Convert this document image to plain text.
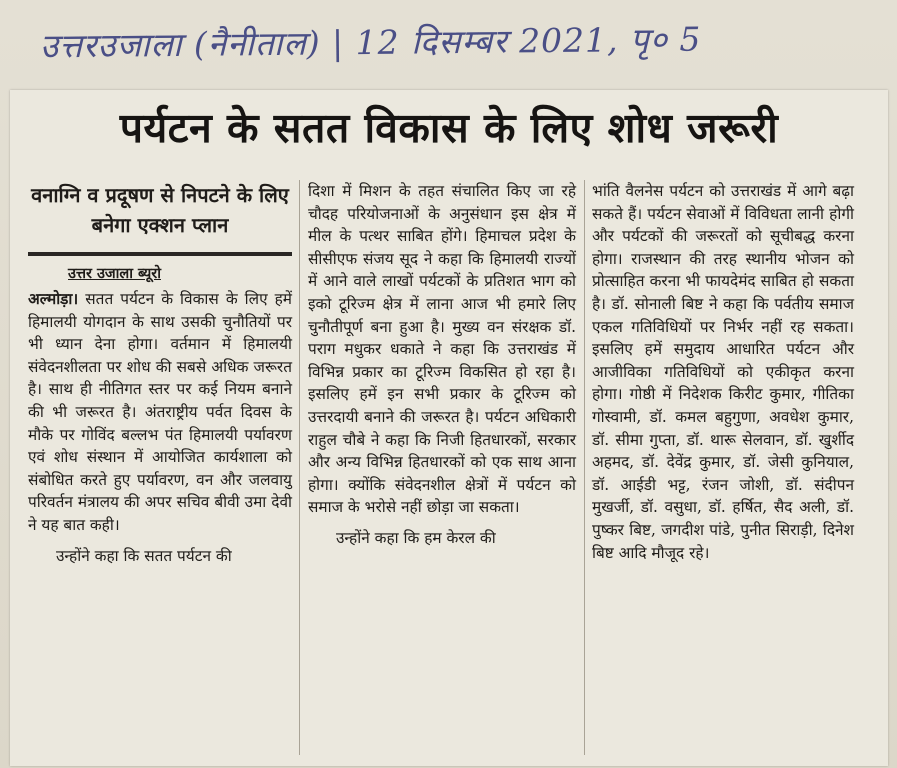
उत्तरउजाला (नैनीताल) | 12 दिसम्बर 2021, पृ० 5
पर्यटन के सतत विकास के लिए शोध जरूरी
वनाग्नि व प्रदूषण से निपटने के लिए बनेगा एक्शन प्लान
उत्तर उजाला ब्यूरो

अल्मोड़ा। सतत पर्यटन के विकास के लिए हमें हिमालयी योगदान के साथ उसकी चुनौतियों पर भी ध्यान देना होगा। वर्तमान में हिमालयी संवेदनशीलता पर शोध की सबसे अधिक जरूरत है। साथ ही नीतिगत स्तर पर कई नियम बनाने की भी जरूरत है। अंतराष्ट्रीय पर्वत दिवस के मौके पर गोविंद बल्लभ पंत हिमालयी पर्यावरण एवं शोध संस्थान में आयोजित कार्यशाला को संबोधित करते हुए पर्यावरण, वन और जलवायु परिवर्तन मंत्रालय की अपर सचिव बीवी उमा देवी ने यह बात कही।

उन्होंने कहा कि सतत पर्यटन की

दिशा में मिशन के तहत संचालित किए जा रहे चौदह परियोजनाओं के अनुसंधान इस क्षेत्र में मील के पत्थर साबित होंगे। हिमाचल प्रदेश के सीसीएफ संजय सूद ने कहा कि हिमालयी राज्यों में आने वाले लाखों पर्यटकों के प्रतिशत भाग को इको टूरिज्म क्षेत्र में लाना आज भी हमारे लिए चुनौतीपूर्ण बना हुआ है। मुख्य वन संरक्षक डॉ. पराग मधुकर धकाते ने कहा कि उत्तराखंड में विभिन्न प्रकार का टूरिज्म विकसित हो रहा है। इसलिए हमें इन सभी प्रकार के टूरिज्म को उत्तरदायी बनाने की जरूरत है। पर्यटन अधिकारी राहुल चौबे ने कहा कि निजी हितधारकों, सरकार और अन्य विभिन्न हितधारकों को एक साथ आना होगा। क्योंकि संवेदनशील क्षेत्रों में पर्यटन को समाज के भरोसे नहीं छोड़ा जा सकता।

उन्होंने कहा कि हम केरल की

भांति वैलनेस पर्यटन को उत्तराखंड में आगे बढ़ा सकते हैं। पर्यटन सेवाओं में विविधता लानी होगी और पर्यटकों की जरूरतों को सूचीबद्ध करना होगा। राजस्थान की तरह स्थानीय भोजन को प्रोत्साहित करना भी फायदेमंद साबित हो सकता है। डॉ. सोनाली बिष्ट ने कहा कि पर्वतीय समाज एकल गतिविधियों पर निर्भर नहीं रह सकता। इसलिए हमें समुदाय आधारित पर्यटन और आजीविका गतिविधियों को एकीकृत करना होगा। गोष्ठी में निदेशक किरीट कुमार, गीतिका गोस्वामी, डॉ. कमल बहुगुणा, अवधेश कुमार, डॉ. सीमा गुप्ता, डॉ. थारू सेलवान, डॉ. खुर्शीद अहमद, डॉ. देवेंद्र कुमार, डॉ. जेसी कुनियाल, डॉ. आईडी भट्ट, रंजन जोशी, डॉ. संदीपन मुखर्जी, डॉ. वसुधा, डॉ. हर्षित, सैद अली, डॉ. पुष्कर बिष्ट, जगदीश पांडे, पुनीत सिराड़ी, दिनेश बिष्ट आदि मौजूद रहे।
